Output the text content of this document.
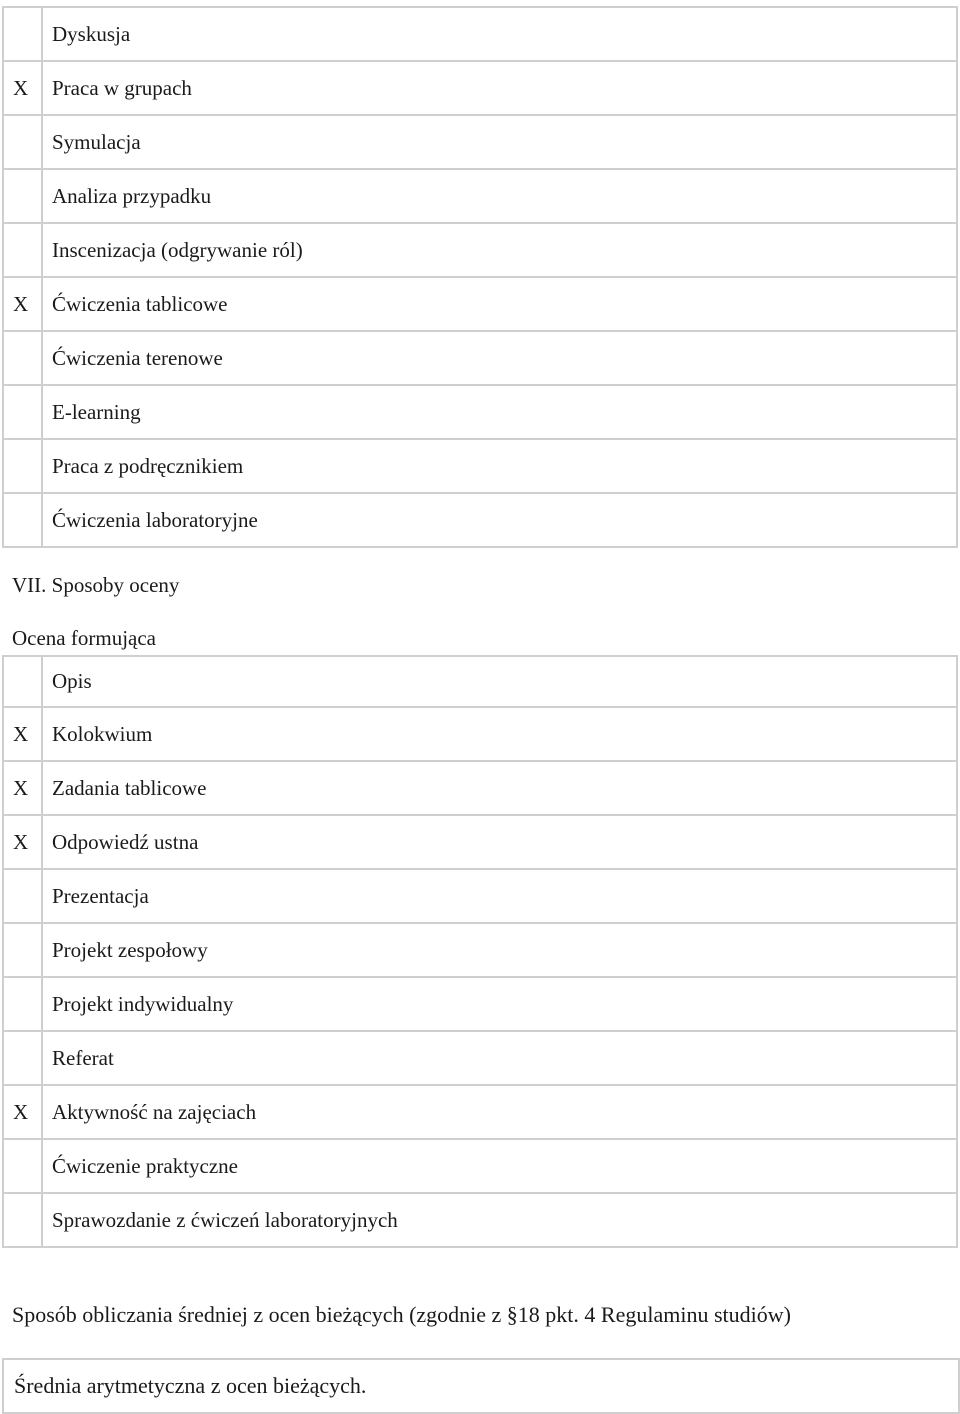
	Dyskusja
X	Praca w grupach
	Symulacja
	Analiza przypadku
	Inscenizacja (odgrywanie ról)
X	Ćwiczenia tablicowe
	Ćwiczenia terenowe
	E-learning
	Praca z podręcznikiem
	Ćwiczenia laboratoryjne
VII. Sposoby oceny
Ocena formująca
	Opis
X	Kolokwium
X	Zadania tablicowe
X	Odpowiedź ustna
	Prezentacja
	Projekt zespołowy
	Projekt indywidualny
	Referat
X	Aktywność na zajęciach
	Ćwiczenie praktyczne
	Sprawozdanie z ćwiczeń laboratoryjnych
Sposób obliczania średniej z ocen bieżących (zgodnie z §18 pkt. 4 Regulaminu studiów)
Średnia arytmetyczna z ocen bieżących.
